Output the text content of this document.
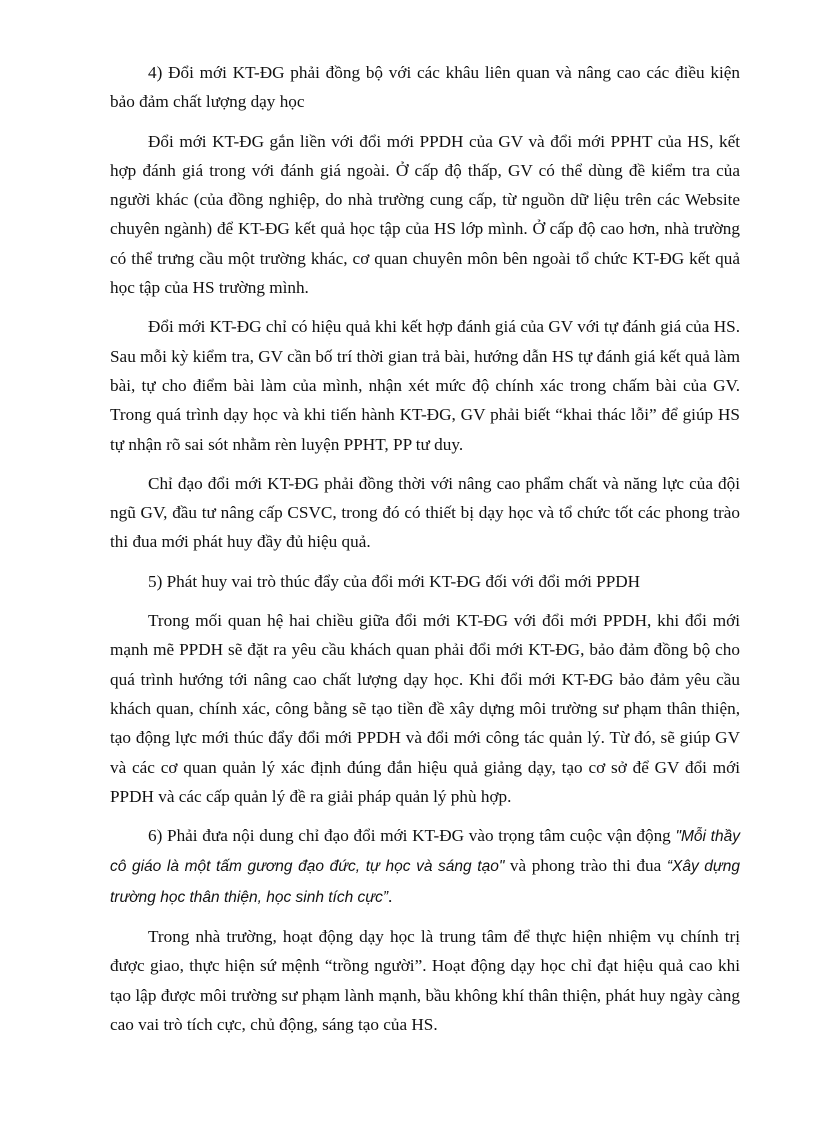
4) Đổi mới KT-ĐG phải đồng bộ với các khâu liên quan và nâng cao các điều kiện bảo đảm chất lượng dạy học

Đổi mới KT-ĐG gắn liền với đổi mới PPDH của GV và đổi mới PPHT của HS, kết hợp đánh giá trong với đánh giá ngoài. Ở cấp độ thấp, GV có thể dùng đề kiểm tra của người khác (của đồng nghiệp, do nhà trường cung cấp, từ nguồn dữ liệu trên các Website chuyên ngành) để KT-ĐG kết quả học tập của HS lớp mình. Ở cấp độ cao hơn, nhà trường có thể trưng cầu một trường khác, cơ quan chuyên môn bên ngoài tổ chức KT-ĐG kết quả học tập của HS trường mình.

Đổi mới KT-ĐG chỉ có hiệu quả khi kết hợp đánh giá của GV với tự đánh giá của HS. Sau mỗi kỳ kiểm tra, GV cần bố trí thời gian trả bài, hướng dẫn HS tự đánh giá kết quả làm bài, tự cho điểm bài làm của mình, nhận xét mức độ chính xác trong chấm bài của GV. Trong quá trình dạy học và khi tiến hành KT-ĐG, GV phải biết “khai thác lỗi” để giúp HS tự nhận rõ sai sót nhằm rèn luyện PPHT, PP tư duy.

Chỉ đạo đổi mới KT-ĐG phải đồng thời với nâng cao phẩm chất và năng lực của đội ngũ GV, đầu tư nâng cấp CSVC, trong đó có thiết bị dạy học và tổ chức tốt các phong trào thi đua mới phát huy đầy đủ hiệu quả.

5) Phát huy vai trò thúc đẩy của đổi mới KT-ĐG đối với đổi mới PPDH

Trong mối quan hệ hai chiều giữa đổi mới KT-ĐG với đổi mới PPDH, khi đổi mới mạnh mẽ PPDH sẽ đặt ra yêu cầu khách quan phải đổi mới KT-ĐG, bảo đảm đồng bộ cho quá trình hướng tới nâng cao chất lượng dạy học. Khi đổi mới KT-ĐG bảo đảm yêu cầu khách quan, chính xác, công bằng sẽ tạo tiền đề xây dựng môi trường sư phạm thân thiện, tạo động lực mới thúc đẩy đổi mới PPDH và đổi mới công tác quản lý. Từ đó, sẽ giúp GV và các cơ quan quản lý xác định đúng đắn hiệu quả giảng dạy, tạo cơ sở để GV đổi mới PPDH và các cấp quản lý đề ra giải pháp quản lý phù hợp.

6) Phải đưa nội dung chỉ đạo đổi mới KT-ĐG vào trọng tâm cuộc vận động "Mỗi thầy cô giáo là một tấm gương đạo đức, tự học và sáng tạo" và phong trào thi đua “Xây dựng trường học thân thiện, học sinh tích cực”.

Trong nhà trường, hoạt động dạy học là trung tâm để thực hiện nhiệm vụ chính trị được giao, thực hiện sứ mệnh “trồng người”. Hoạt động dạy học chỉ đạt hiệu quả cao khi tạo lập được môi trường sư phạm lành mạnh, bầu không khí thân thiện, phát huy ngày càng cao vai trò tích cực, chủ động, sáng tạo của HS.
